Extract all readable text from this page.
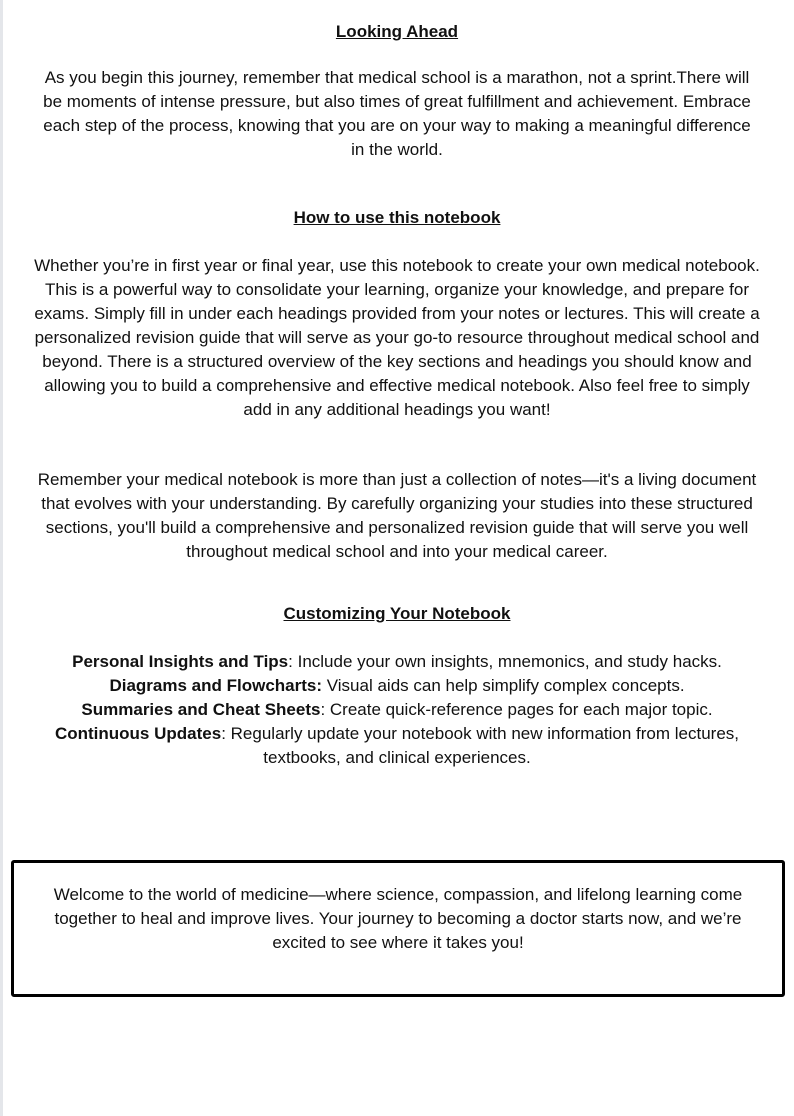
Looking Ahead

As you begin this journey, remember that medical school is a marathon, not a sprint.There will be moments of intense pressure, but also times of great fulfillment and achievement. Embrace each step of the process, knowing that you are on your way to making a meaningful difference in the world.

How to use this notebook

Whether you’re in first year or final year, use this notebook to create your own medical notebook. This is a powerful way to consolidate your learning, organize your knowledge, and prepare for exams. Simply fill in under each headings provided from your notes or lectures. This will create a personalized revision guide that will serve as your go-to resource throughout medical school and beyond. There is a structured overview of the key sections and headings you should know and allowing you to build a comprehensive and effective medical notebook. Also feel free to simply add in any additional headings you want!

Remember your medical notebook is more than just a collection of notes—it's a living document that evolves with your understanding. By carefully organizing your studies into these structured sections, you'll build a comprehensive and personalized revision guide that will serve you well throughout medical school and into your medical career.

Customizing Your Notebook
Personal Insights and Tips: Include your own insights, mnemonics, and study hacks.
Diagrams and Flowcharts: Visual aids can help simplify complex concepts.
Summaries and Cheat Sheets: Create quick-reference pages for each major topic.
Continuous Updates: Regularly update your notebook with new information from lectures, textbooks, and clinical experiences.

Welcome to the world of medicine—where science, compassion, and lifelong learning come together to heal and improve lives. Your journey to becoming a doctor starts now, and we’re excited to see where it takes you!
